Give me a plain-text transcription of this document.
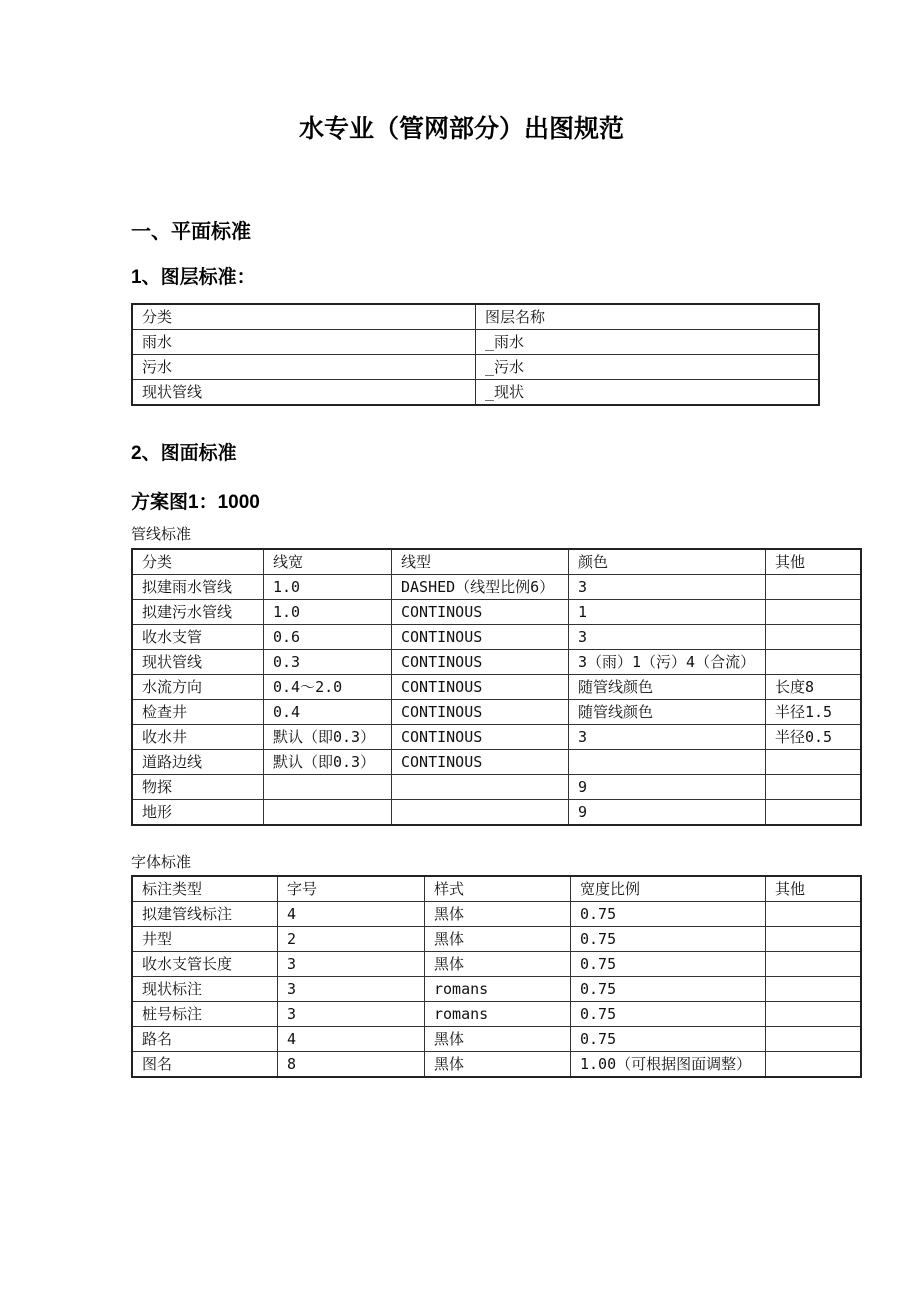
水专业（管网部分）出图规范
一、平面标准
1、图层标准：
分类	图层名称
雨水	_雨水
污水	_污水
现状管线	_现状
2、图面标准
方案图1：1000
管线标准
分类	线宽	线型	颜色	其他
拟建雨水管线	1.0	DASHED（线型比例6）	3	
拟建污水管线	1.0	CONTINOUS	1	
收水支管	0.6	CONTINOUS	3	
现状管线	0.3	CONTINOUS	3（雨）1（污）4（合流）	
水流方向	0.4～2.0	CONTINOUS	随管线颜色	长度8
检查井	0.4	CONTINOUS	随管线颜色	半径1.5
收水井	默认（即0.3）	CONTINOUS	3	半径0.5
道路边线	默认（即0.3）	CONTINOUS		
物探			9	
地形			9	
字体标准
标注类型	字号	样式	宽度比例	其他
拟建管线标注	4	黑体	0.75	
井型	2	黑体	0.75	
收水支管长度	3	黑体	0.75	
现状标注	3	romans	0.75	
桩号标注	3	romans	0.75	
路名	4	黑体	0.75	
图名	8	黑体	1.00（可根据图面调整）	
